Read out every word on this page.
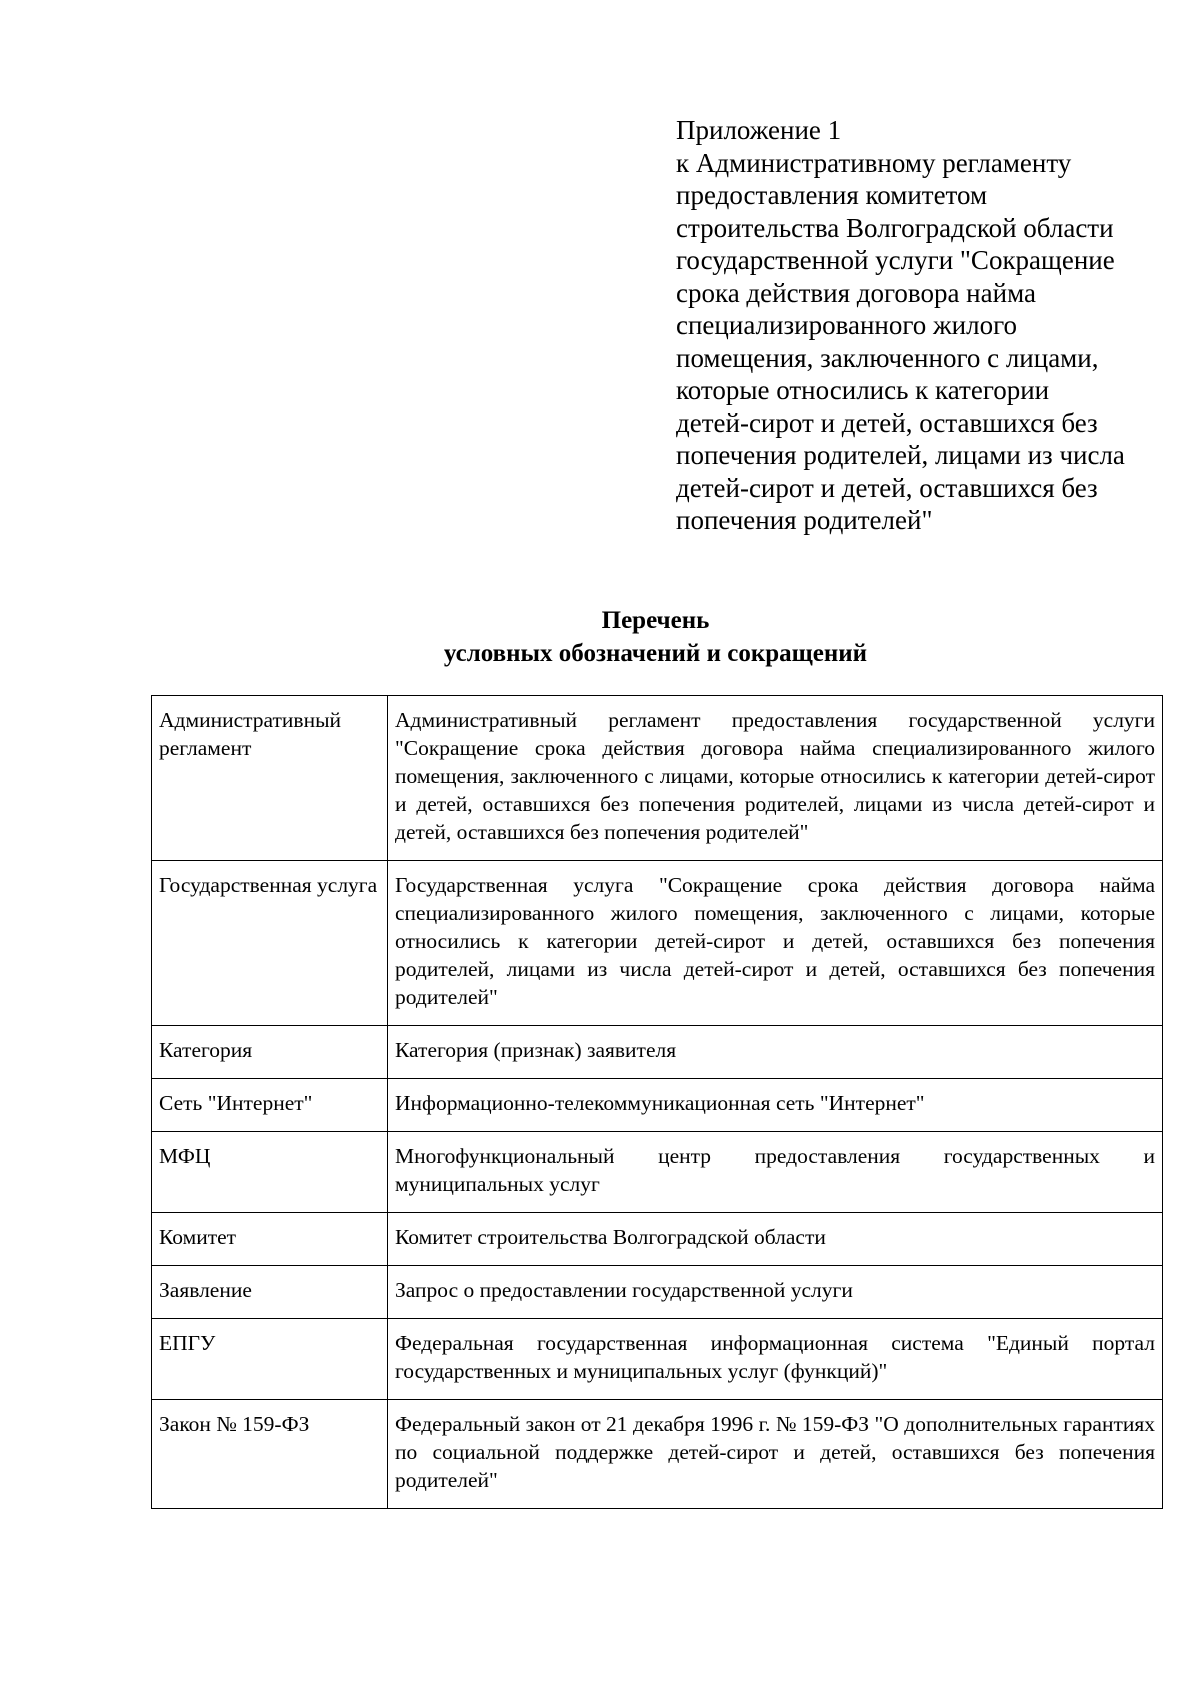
Приложение 1
к Административному регламенту
предоставления комитетом
строительства Волгоградской области
государственной услуги "Сокращение
срока действия договора найма
специализированного жилого
помещения, заключенного с лицами,
которые относились к категории
детей-сирот и детей, оставшихся без
попечения родителей, лицами из числа
детей-сирот и детей, оставшихся без
попечения родителей"
Перечень
условных обозначений и сокращений
Административный регламент	Административный регламент предоставления государственной услуги "Сокращение срока действия договора найма специализированного жилого помещения, заключенного с лицами, которые относились к категории детей-сирот и детей, оставшихся без попечения родителей, лицами из числа детей-сирот и детей, оставшихся без попечения родителей"
Государственная услуга	Государственная услуга "Сокращение срока действия договора найма специализированного жилого помещения, заключенного с лицами, которые относились к категории детей-сирот и детей, оставшихся без попечения родителей, лицами из числа детей-сирот и детей, оставшихся без попечения родителей"
Категория	Категория (признак) заявителя
Сеть "Интернет"	Информационно-телекоммуникационная сеть "Интернет"
МФЦ	Многофункциональный центр предоставления государственных и муниципальных услуг
Комитет	Комитет строительства Волгоградской области
Заявление	Запрос о предоставлении государственной услуги
ЕПГУ	Федеральная государственная информационная система "Единый портал государственных и муниципальных услуг (функций)"
Закон № 159-ФЗ	Федеральный закон от 21 декабря 1996 г. № 159-ФЗ "О дополнительных гарантиях по социальной поддержке детей-сирот и детей, оставшихся без попечения родителей"
